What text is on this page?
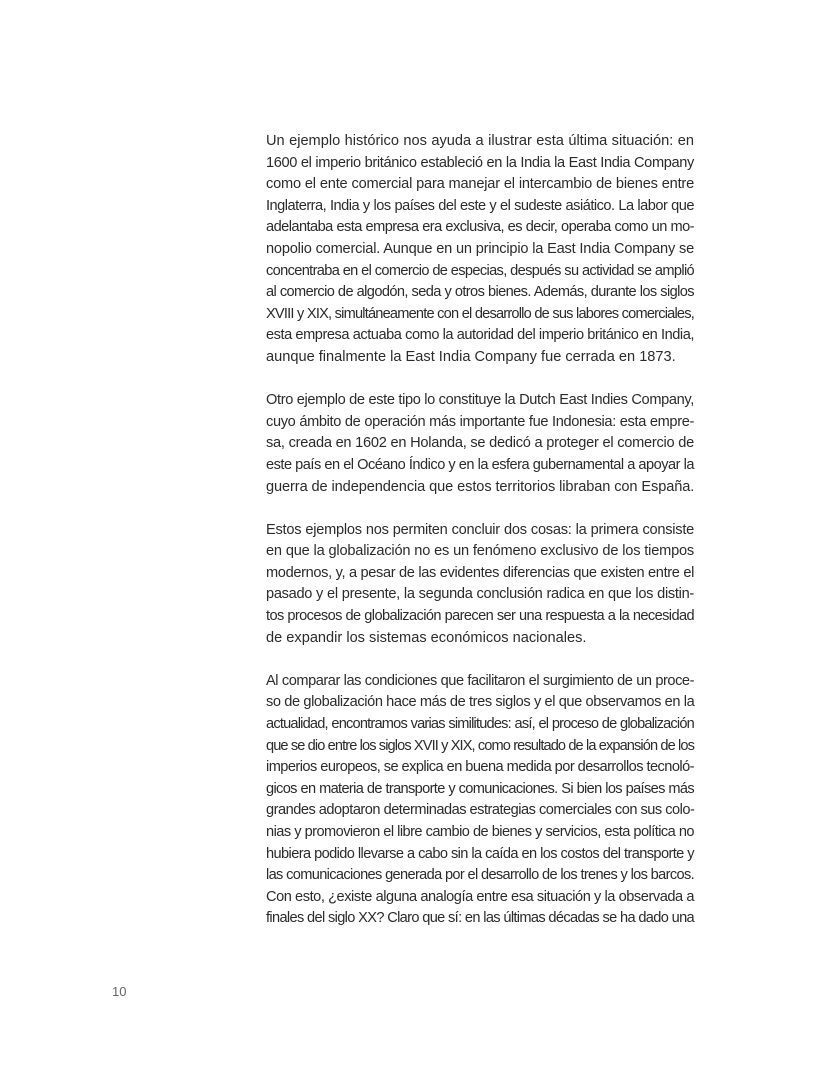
Un ejemplo histórico nos ayuda a ilustrar esta última situación: en
1600 el imperio británico estableció en la India la East India Company
como el ente comercial para manejar el intercambio de bienes entre
Inglaterra, India y los países del este y el sudeste asiático. La labor que
adelantaba esta empresa era exclusiva, es decir, operaba como un mo-
nopolio comercial. Aunque en un principio la East India Company se
concentraba en el comercio de especias, después su actividad se amplió
al comercio de algodón, seda y otros bienes. Además, durante los siglos
XVIII y XIX, simultáneamente con el desarrollo de sus labores comerciales,
esta empresa actuaba como la autoridad del imperio británico en India,
aunque finalmente la East India Company fue cerrada en 1873.

Otro ejemplo de este tipo lo constituye la Dutch East Indies Company,
cuyo ámbito de operación más importante fue Indonesia: esta empre-
sa, creada en 1602 en Holanda, se dedicó a proteger el comercio de
este país en el Océano Índico y en la esfera gubernamental a apoyar la
guerra de independencia que estos territorios libraban con España.

Estos ejemplos nos permiten concluir dos cosas: la primera consiste
en que la globalización no es un fenómeno exclusivo de los tiempos
modernos, y, a pesar de las evidentes diferencias que existen entre el
pasado y el presente, la segunda conclusión radica en que los distin-
tos procesos de globalización parecen ser una respuesta a la necesidad
de expandir los sistemas económicos nacionales.

Al comparar las condiciones que facilitaron el surgimiento de un proce-
so de globalización hace más de tres siglos y el que observamos en la
actualidad, encontramos varias similitudes: así, el proceso de globalización
que se dio entre los siglos XVII y XIX, como resultado de la expansión de los
imperios europeos, se explica en buena medida por desarrollos tecnoló-
gicos en materia de transporte y comunicaciones. Si bien los países más
grandes adoptaron determinadas estrategias comerciales con sus colo-
nias y promovieron el libre cambio de bienes y servicios, esta política no
hubiera podido llevarse a cabo sin la caída en los costos del transporte y
las comunicaciones generada por el desarrollo de los trenes y los barcos.
Con esto, ¿existe alguna analogía entre esa situación y la observada a
finales del siglo XX? Claro que sí: en las últimas décadas se ha dado una

10
